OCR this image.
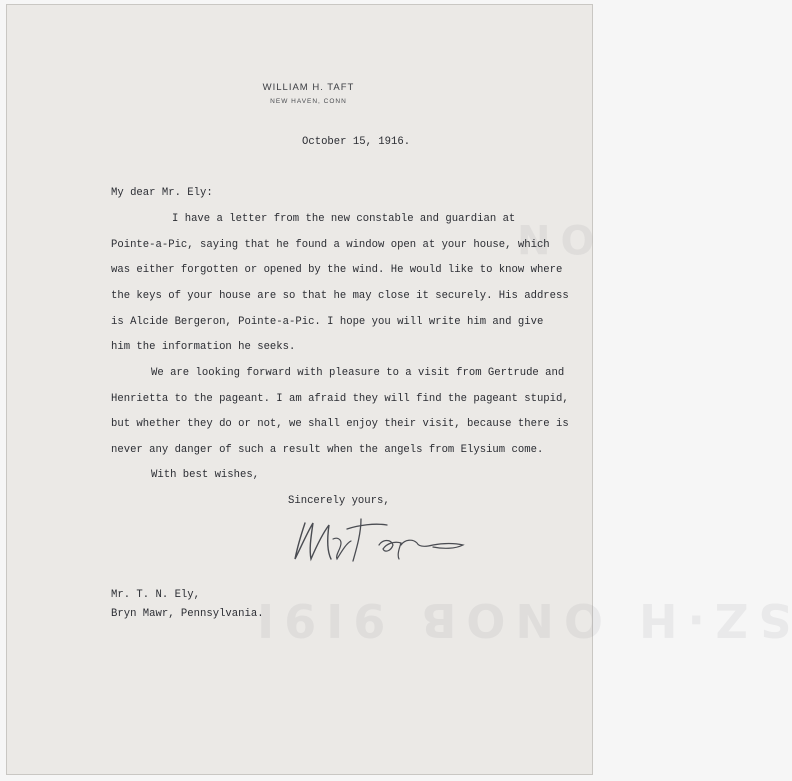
SZ·H ONOB 9I9I
ON
WILLIAM H. TAFT
NEW HAVEN, CONN
October 15, 1916.
My dear Mr. Ely:
I have a letter from the new constable and guardian at
Pointe-a-Pic, saying that he found a window open at your house, which
was either forgotten or opened by the wind. He would like to know where
the keys of your house are so that he may close it securely. His address
is Alcide Bergeron, Pointe-a-Pic. I hope you will write him and give
him the information he seeks.
We are looking forward with pleasure to a visit from Gertrude and
Henrietta to the pageant. I am afraid they will find the pageant stupid,
but whether they do or not, we shall enjoy their visit, because there is
never any danger of such a result when the angels from Elysium come.
With best wishes,
Sincerely yours,
Mr. T. N. Ely,
Bryn Mawr, Pennsylvania.
